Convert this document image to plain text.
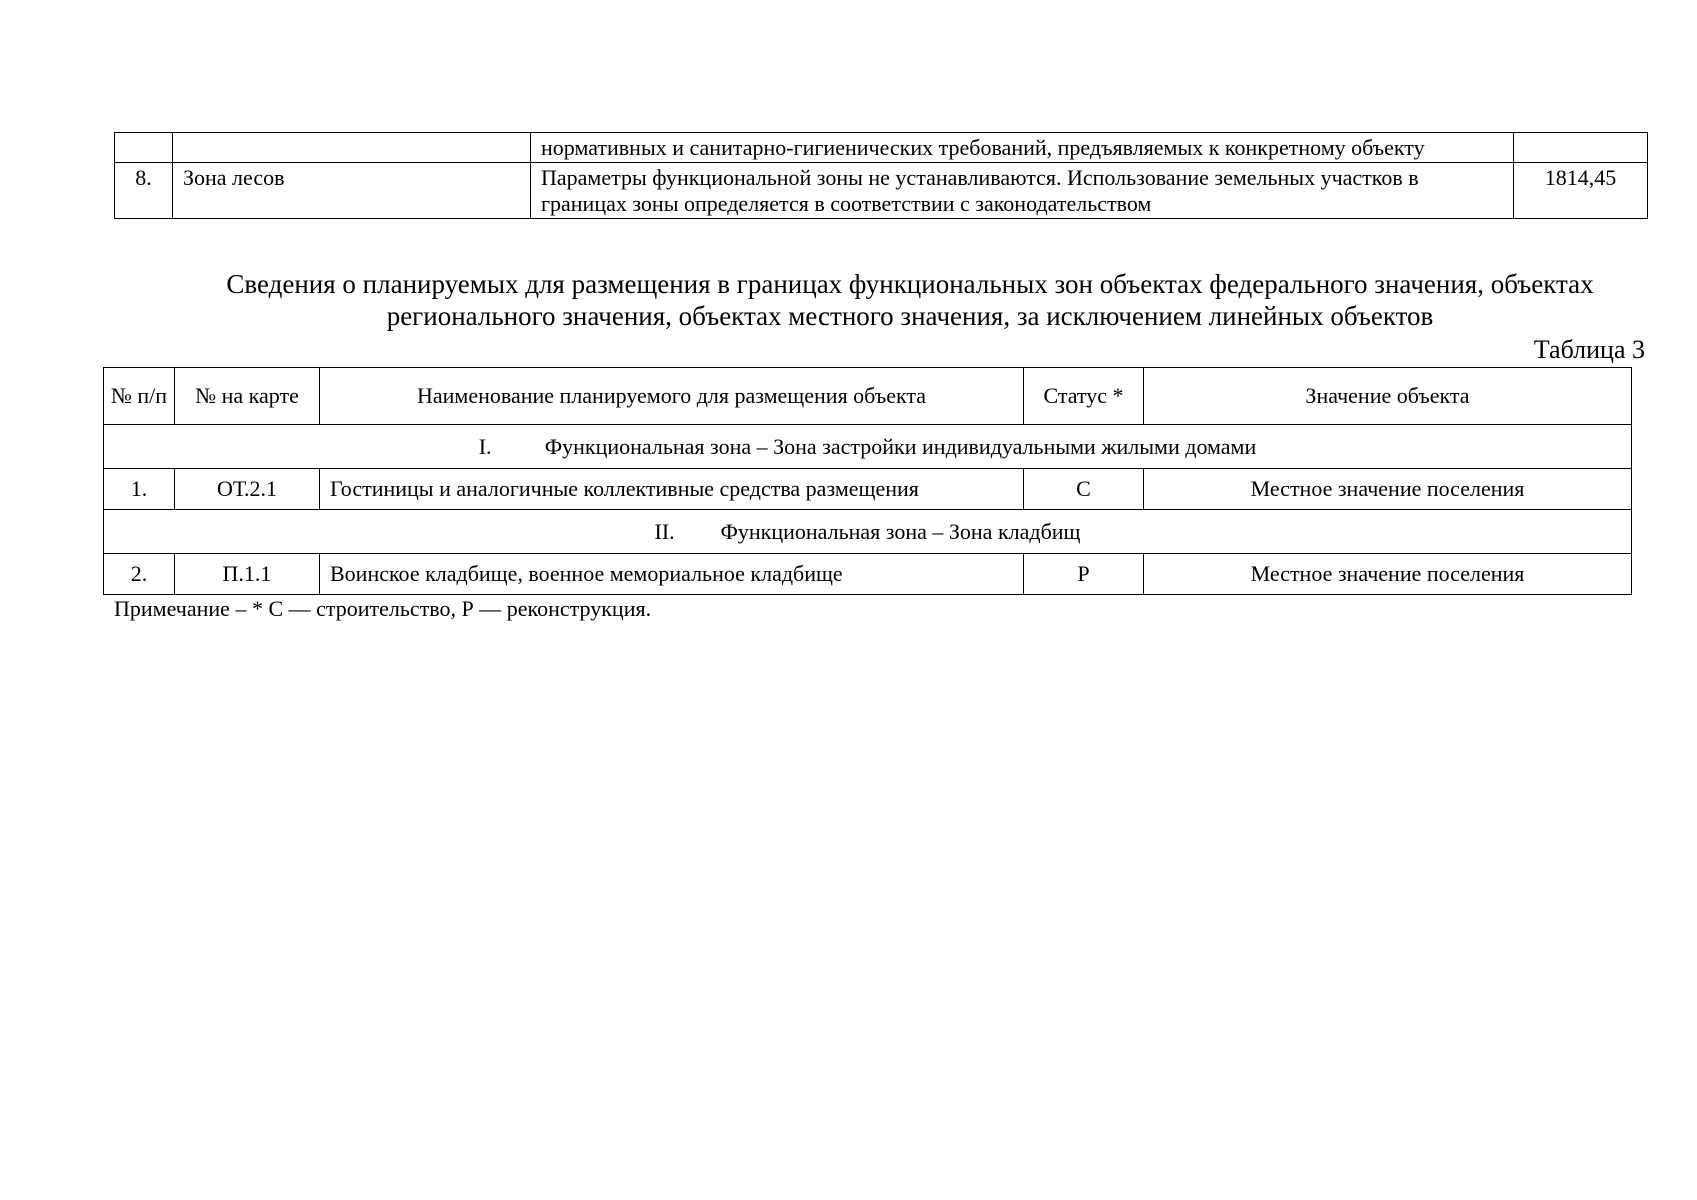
		нормативных и санитарно-гигиенических требований, предъявляемых к конкретному объекту	
8.	Зона лесов	Параметры функциональной зоны не устанавливаются. Использование земельных участков в границах зоны определяется в соответствии с законодательством	1814,45
Сведения о планируемых для размещения в границах функциональных зон объектах федерального значения, объектах регионального значения, объектах местного значения, за исключением линейных объектов
Таблица 3
№ п/п	№ на карте	Наименование планируемого для размещения объекта	Статус *	Значение объекта
I. Функциональная зона – Зона застройки индивидуальными жилыми домами				
1.	ОТ.2.1	Гостиницы и аналогичные коллективные средства размещения	С	Местное значение поселения
II. Функциональная зона – Зона кладбищ				
2.	П.1.1	Воинское кладбище, военное мемориальное кладбище	Р	Местное значение поселения
Примечание – * С — строительство, Р — реконструкция.
